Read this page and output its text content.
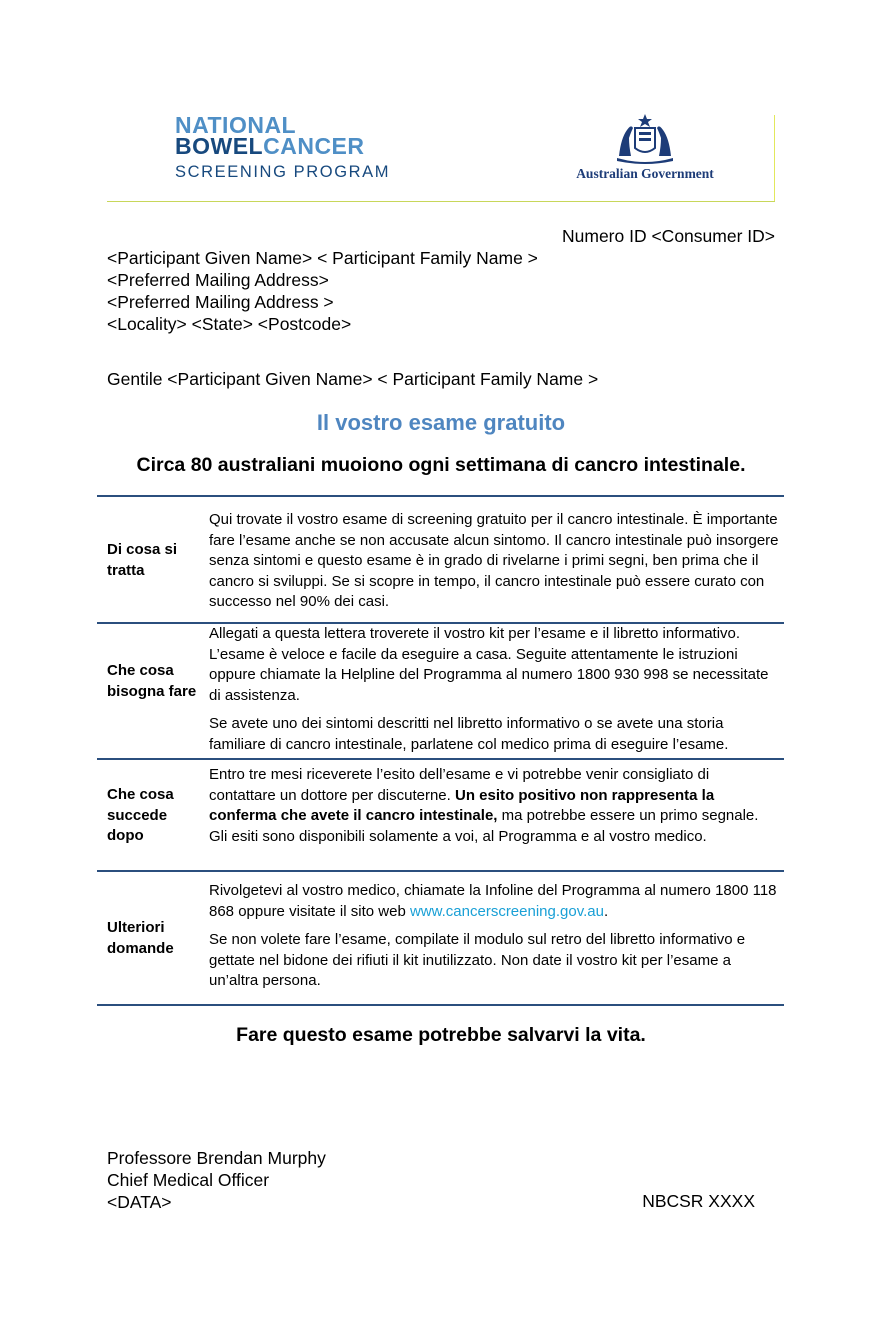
NATIONAL
BOWELCANCER
SCREENING PROGRAM	Australian Government
Numero ID <Consumer ID>
<Participant Given Name> < Participant Family Name >
<Preferred Mailing Address>
<Preferred Mailing Address >
<Locality> <State> <Postcode>
Gentile <Participant Given Name> < Participant Family Name >
Il vostro esame gratuito
Circa 80 australiani muoiono ogni settimana di cancro intestinale.
Di cosa si tratta

Qui trovate il vostro esame di screening gratuito per il cancro intestinale. È importante fare l’esame anche se non accusate alcun sintomo. Il cancro intestinale può insorgere senza sintomi e questo esame è in grado di rivelarne i primi segni, ben prima che il cancro si sviluppi. Se si scopre in tempo, il cancro intestinale può essere curato con successo nel 90% dei casi.

Che cosa bisogna fare

Allegati a questa lettera troverete il vostro kit per l’esame e il libretto informativo. L’esame è veloce e facile da eseguire a casa. Seguite attentamente le istruzioni oppure chiamate la Helpline del Programma al numero 1800 930 998 se necessitate di assistenza.

Se avete uno dei sintomi descritti nel libretto informativo o se avete una storia familiare di cancro intestinale, parlatene col medico prima di eseguire l’esame.

Che cosa succede dopo

Entro tre mesi riceverete l’esito dell’esame e vi potrebbe venir consigliato di contattare un dottore per discuterne. Un esito positivo non rappresenta la conferma che avete il cancro intestinale, ma potrebbe essere un primo segnale. Gli esiti sono disponibili solamente a voi, al Programma e al vostro medico.

Ulteriori domande

Rivolgetevi al vostro medico, chiamate la Infoline del Programma al numero 1800 118 868 oppure visitate il sito web www.cancerscreening.gov.au.

Se non volete fare l’esame, compilate il modulo sul retro del libretto informativo e gettate nel bidone dei rifiuti il kit inutilizzato. Non date il vostro kit per l’esame a un’altra persona.

Fare questo esame potrebbe salvarvi la vita.
Professore Brendan Murphy
Chief Medical Officer
<DATA>	NBCSR XXXX
